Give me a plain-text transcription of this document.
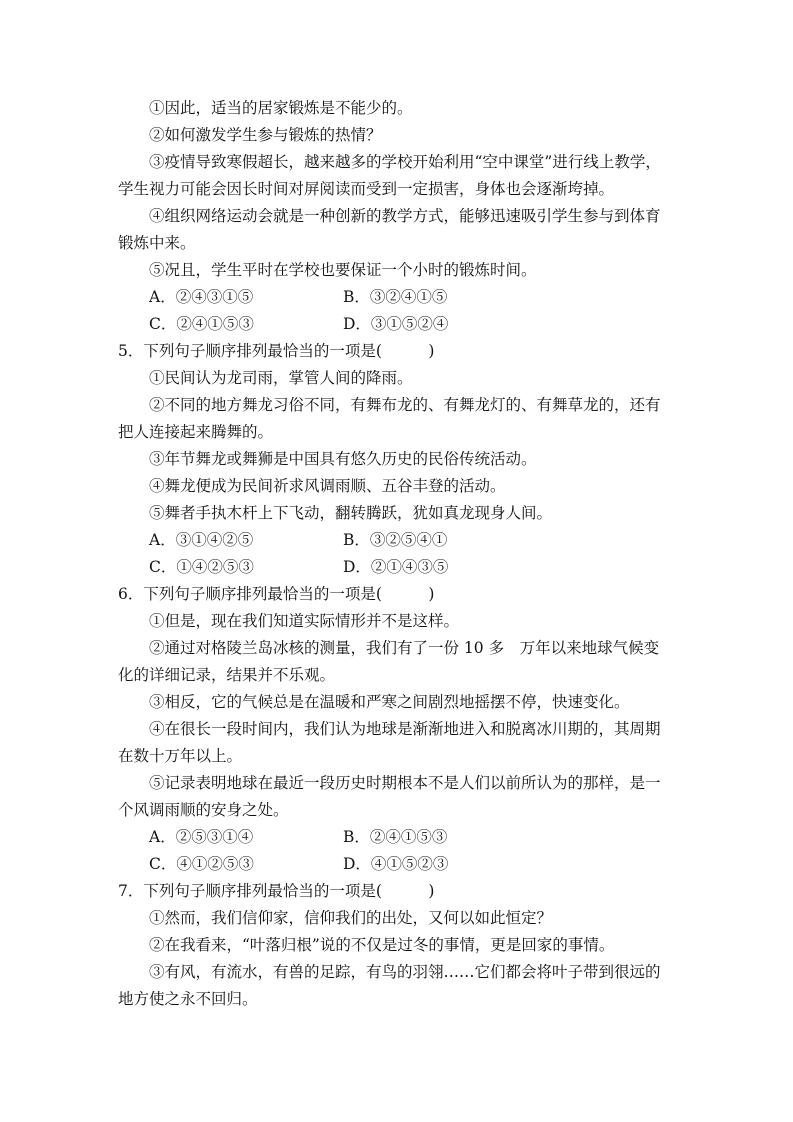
①因此，适当的居家锻炼是不能少的。
②如何激发学生参与锻炼的热情？
③疫情导致寒假超长，越来越多的学校开始利用“空中课堂”进行线上教学，
学生视力可能会因长时间对屏阅读而受到一定损害，身体也会逐渐垮掉。
④组织网络运动会就是一种创新的教学方式，能够迅速吸引学生参与到体育
锻炼中来。
⑤况且，学生平时在学校也要保证一个小时的锻炼时间。
A．②④③①⑤	B．③②④①⑤
C．②④①⑤③	D．③①⑤②④
5．下列句子顺序排列最恰当的一项是(　　　)
①民间认为龙司雨，掌管人间的降雨。
②不同的地方舞龙习俗不同，有舞布龙的、有舞龙灯的、有舞草龙的，还有
把人连接起来腾舞的。
③年节舞龙或舞狮是中国具有悠久历史的民俗传统活动。
④舞龙便成为民间祈求风调雨顺、五谷丰登的活动。
⑤舞者手执木杆上下飞动，翻转腾跃，犹如真龙现身人间。
A．③①④②⑤	B．③②⑤④①
C．①④②⑤③	D．②①④③⑤
6．下列句子顺序排列最恰当的一项是(　　　)
①但是，现在我们知道实际情形并不是这样。
②通过对格陵兰岛冰核的测量，我们有了一份 10 多　万年以来地球气候变
化的详细记录，结果并不乐观。
③相反，它的气候总是在温暖和严寒之间剧烈地摇摆不停，快速变化。
④在很长一段时间内，我们认为地球是渐渐地进入和脱离冰川期的，其周期
在数十万年以上。
⑤记录表明地球在最近一段历史时期根本不是人们以前所认为的那样，是一
个风调雨顺的安身之处。
A．②⑤③①④	B．②④①⑤③
C．④①②⑤③	D．④①⑤②③
7．下列句子顺序排列最恰当的一项是(　　　)
①然而，我们信仰家，信仰我们的出处，又何以如此恒定？
②在我看来，“叶落归根”说的不仅是过冬的事情，更是回家的事情。
③有风，有流水，有兽的足踪，有鸟的羽翎……它们都会将叶子带到很远的
地方使之永不回归。
